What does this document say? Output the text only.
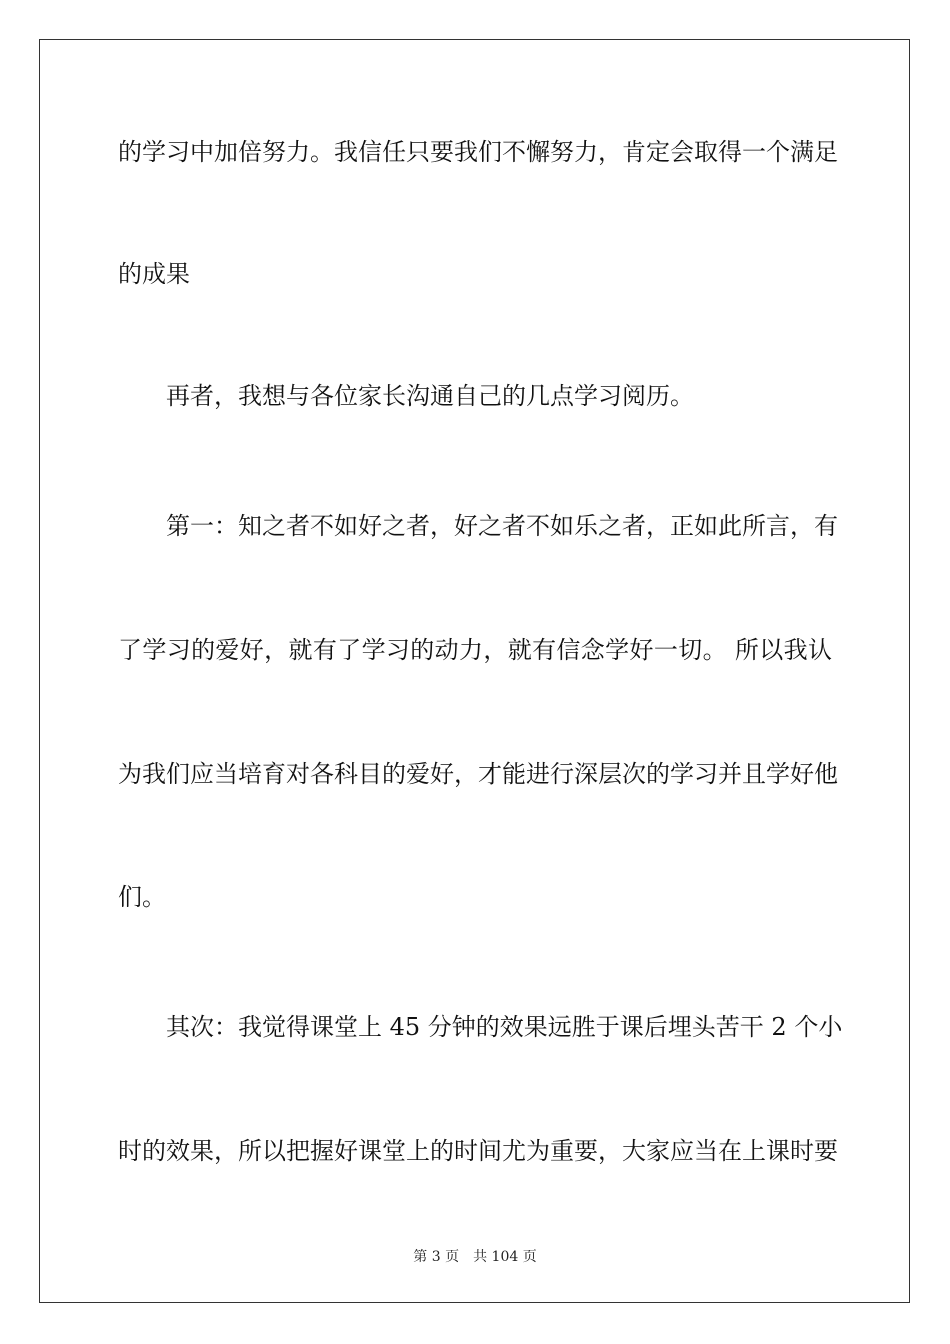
的学习中加倍努力。我信任只要我们不懈努力，肯定会取得一个满足
的成果
再者，我想与各位家长沟通自己的几点学习阅历。
第一：知之者不如好之者，好之者不如乐之者，正如此所言，有
了学习的爱好，就有了学习的动力，就有信念学好一切。 所以我认
为我们应当培育对各科目的爱好，才能进行深层次的学习并且学好他
们。
其次：我觉得课堂上 45 分钟的效果远胜于课后埋头苦干 2 个小
时的效果，所以把握好课堂上的时间尤为重要，大家应当在上课时要
第 3 页 共 104 页
